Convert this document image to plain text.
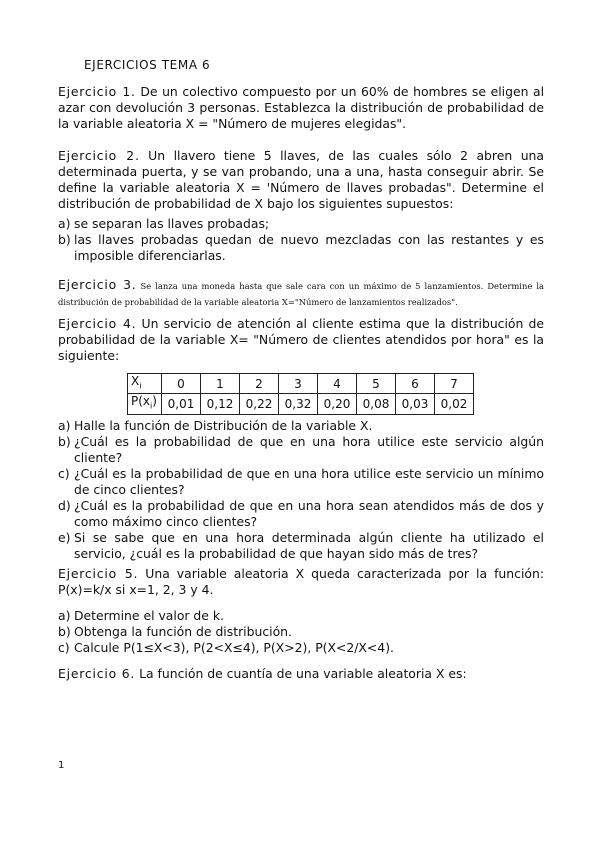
EJERCICIOS TEMA 6
Ejercicio 1. De un colectivo compuesto por un 60% de hombres se eligen al azar con devolución 3 personas. Establezca la distribución de probabilidad de la variable aleatoria X = "Número de mujeres elegidas".
Ejercicio 2. Un llavero tiene 5 llaves, de las cuales sólo 2 abren una determinada puerta, y se van probando, una a una, hasta conseguir abrir. Se define la variable aleatoria X = 'Número de llaves probadas". Determine el distribución de probabilidad de X bajo los siguientes supuestos:
a) se separan las llaves probadas;
b) las llaves probadas quedan de nuevo mezcladas con las restantes y es imposible diferenciarlas.
Ejercicio 3. Se lanza una moneda hasta que sale cara con un máximo de 5 lanzamientos. Determine la distribución de probabilidad de la variable aleatoria X="Número de lanzamientos realizados".
Ejercicio 4. Un servicio de atención al cliente estima que la distribución de probabilidad de la variable X= "Número de clientes atendidos por hora" es la siguiente:
$X_i$	0	1	2	3	4	5	6	7
$P(x_i)$	0,01	0,12	0,22	0,32	0,20	0,08	0,03	0,02
a) Halle la función de Distribución de la variable X.
b) ¿Cuál es la probabilidad de que en una hora utilice este servicio algún cliente?
c) ¿Cuál es la probabilidad de que en una hora utilice este servicio un mínimo de cinco clientes?
d) ¿Cuál es la probabilidad de que en una hora sean atendidos más de dos y como máximo cinco clientes?
e) Si se sabe que en una hora determinada algún cliente ha utilizado el servicio, ¿cuál es la probabilidad de que hayan sido más de tres?
Ejercicio 5. Una variable aleatoria X queda caracterizada por la función: P(x)=k/x si x=1, 2, 3 y 4.
a) Determine el valor de k.
b) Obtenga la función de distribución.
c) Calcule P(1≤X<3), P(2<X≤4), P(X>2), P(X<2/X<4).
Ejercicio 6. La función de cuantía de una variable aleatoria X es:
1
